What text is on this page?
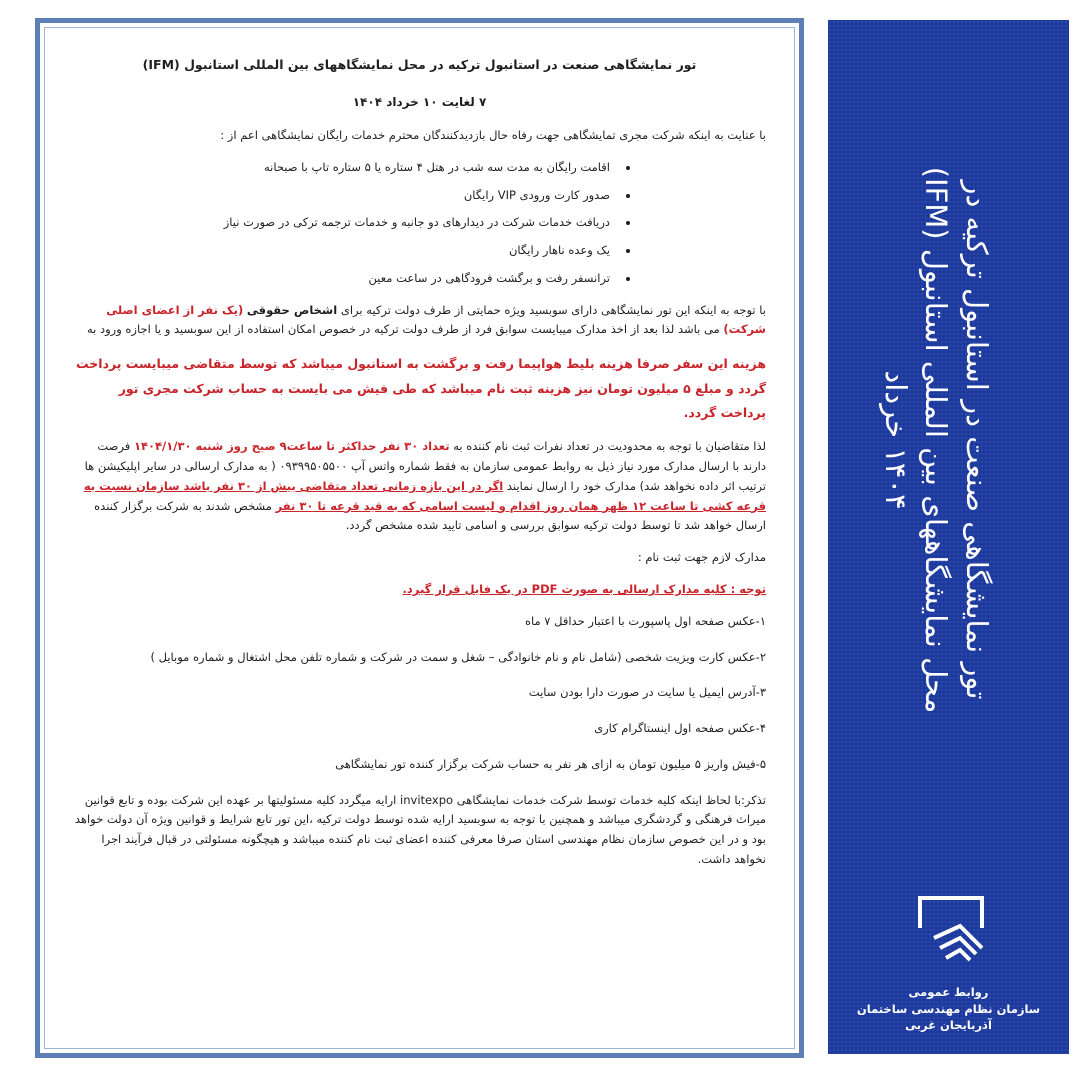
تور نمایشگاهی صنعت در استانبول ترکیه در محل نمایشگاههای بین المللی استانبول (IFM)
۷ لغایت ۱۰ خرداد ۱۴۰۴

با عنایت به اینکه شرکت مجری تمایشگاهی جهت رفاه حال بازدیدکنندگان محترم خدمات رایگان نمایشگاهی اعم از :

• اقامت رایگان به مدت سه شب در هتل ۴ ستاره یا ۵ ستاره تاپ با صبحانه
• صدور کارت ورودی VIP رایگان
• دریافت خدمات شرکت در دیدارهای دو جانبه و خدمات ترجمه ترکی در صورت نیاز
• یک وعده ناهار رایگان
• ترانسفر رفت و برگشت فرودگاهی در ساعت معین

با توجه به اینکه این تور نمایشگاهی دارای سوبسید ویژه حمایتی از طرف دولت ترکیه برای اشخاص حقوقی (یک نفر از اعضای اصلی شرکت) می باشد لذا بعد از اخذ مدارک میبایست سوابق فرد از طرف دولت ترکیه در خصوص امکان استفاده از این سوبسید و یا اجازه ورود به

هزینه این سفر صرفا هزینه بلیط هواپیما رفت و برگشت به استانبول میباشد که توسط متقاضی میبایست پرداخت گردد و مبلغ ۵ میلیون تومان نیز هزینه ثبت نام میباشد که طی فیش می بایست به حساب شرکت مجری تور پرداخت گردد.

لذا متقاضیان با توجه به محدودیت در تعداد نفرات ثبت نام کننده به تعداد ۳۰ نفر حداکثر تا ساعت۹ صبح روز شنبه ۱۴۰۴/۱/۳۰ فرصت دارند با ارسال مدارک مورد نیاز ذیل به روابط عمومی سازمان به فقط شماره واتس آپ ۰۹۳۹۹۵۰۵۵۰۰ ( به مدارک ارسالی در سایر اپلیکیشن ها ترتیب اثر داده نخواهد شد) مدارک خود را ارسال نمایند اگر در این بازه زمانی تعداد متقاضی بیش از ۳۰ نفر باشد سازمان نسبت به قرعه کشی تا ساعت ۱۲ ظهر همان روز اقدام و لیست اسامی که به قید قرعه تا ۳۰ نفر مشخص شدند به شرکت برگزار کننده ارسال خواهد شد تا توسط دولت ترکیه سوابق بررسی و اسامی تایید شده مشخص گردد.

مدارک لازم جهت ثبت نام :

توجه : کلیه مدارک ارسالی به صورت PDF در یک فایل قرار گیرد.

۱-عکس صفحه اول پاسپورت با اعتبار حداقل ۷ ماه
۲-عکس کارت ویزیت شخصی (شامل نام و نام خانوادگی – شغل و سمت در شرکت و شماره تلفن محل اشتغال و شماره موبایل )
۳-آدرس ایمیل یا سایت در صورت دارا بودن سایت
۴-عکس صفحه اول اینستاگرام کاری
۵-فیش واریز ۵ میلیون تومان به ازای هر نفر به حساب شرکت برگزار کننده تور نمایشگاهی

تذکر:با لحاظ اینکه کلیه خدمات توسط شرکت خدمات نمایشگاهی invitexpo ارایه میگردد کلیه مسئولیتها بر عهده این شرکت بوده و تابع قوانین میراث فرهنگی و گردشگری میباشد و همچنین با توجه به سوبسید ارایه شده توسط دولت ترکیه ،این تور تابع شرایط و قوانین ویژه آن دولت خواهد بود و در این خصوص سازمان نظام مهندسی استان صرفا معرفی کننده اعضای ثبت نام کننده میباشد و هیچگونه مسئولتی در قبال فرآیند اجرا نخواهد داشت.

تور نمایشگاهی صنعت در استانبول ترکیه در
محل نمایشگاههای بین المللی استانبول (IFM)
۱۴۰۴ خرداد
روابط عمومی
سازمان نظام مهندسی ساختمان
آذربایجان غربی
